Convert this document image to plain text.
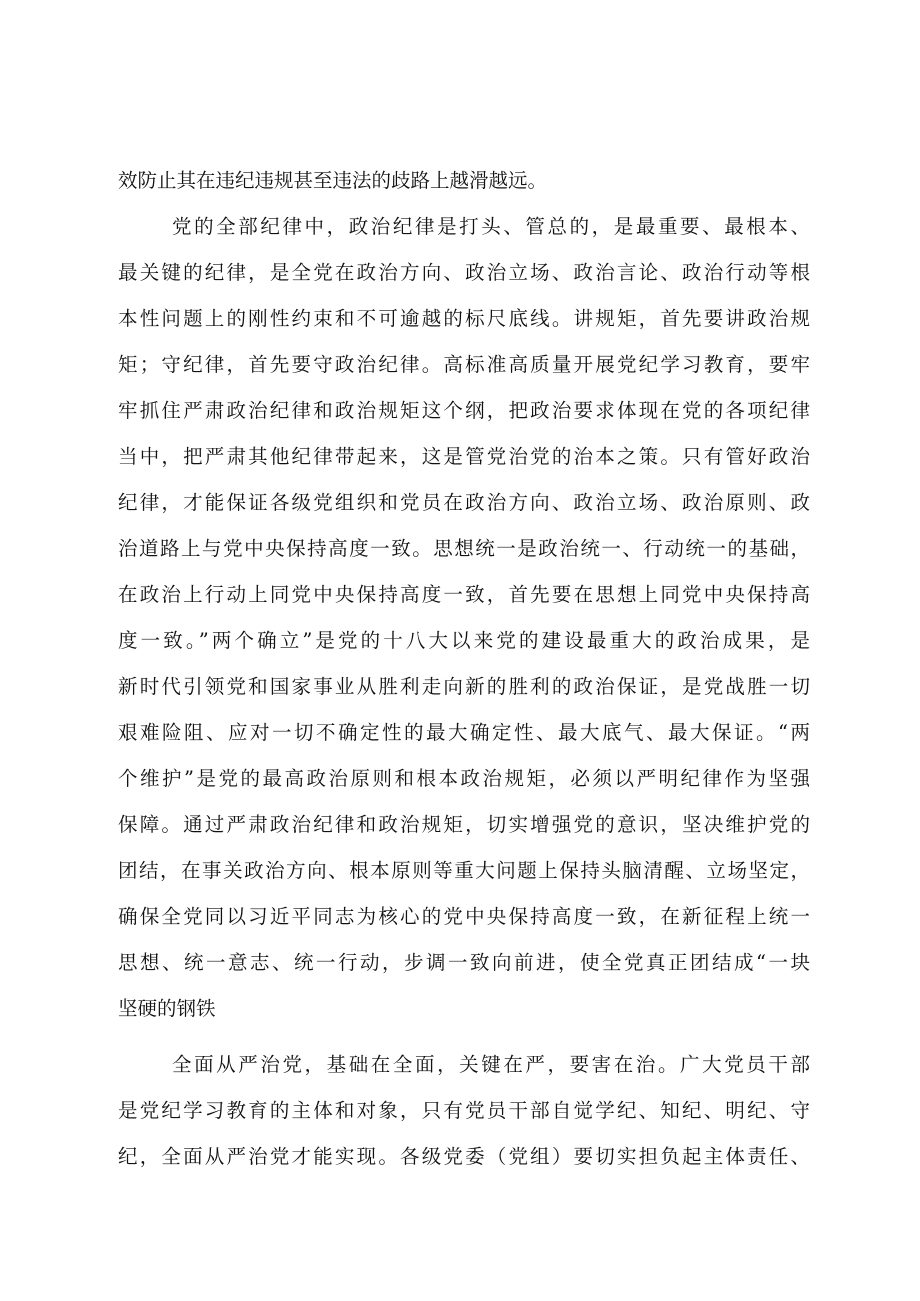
效防止其在违纪违规甚至违法的歧路上越滑越远。
党的全部纪律中，政治纪律是打头、管总的，是最重要、最根本、
最关键的纪律，是全党在政治方向、政治立场、政治言论、政治行动等根
本性问题上的刚性约束和不可逾越的标尺底线。讲规矩，首先要讲政治规
矩；守纪律，首先要守政治纪律。高标准高质量开展党纪学习教育，要牢
牢抓住严肃政治纪律和政治规矩这个纲，把政治要求体现在党的各项纪律
当中，把严肃其他纪律带起来，这是管党治党的治本之策。只有管好政治
纪律，才能保证各级党组织和党员在政治方向、政治立场、政治原则、政
治道路上与党中央保持高度一致。思想统一是政治统一、行动统一的基础，
在政治上行动上同党中央保持高度一致，首先要在思想上同党中央保持高
度一致。”两个确立”是党的十八大以来党的建设最重大的政治成果，是
新时代引领党和国家事业从胜利走向新的胜利的政治保证，是党战胜一切
艰难险阻、应对一切不确定性的最大确定性、最大底气、最大保证。“两
个维护”是党的最高政治原则和根本政治规矩，必须以严明纪律作为坚强
保障。通过严肃政治纪律和政治规矩，切实增强党的意识，坚决维护党的
团结，在事关政治方向、根本原则等重大问题上保持头脑清醒、立场坚定，
确保全党同以习近平同志为核心的党中央保持高度一致，在新征程上统一
思想、统一意志、统一行动，步调一致向前进，使全党真正团结成“一块
坚硬的钢铁
全面从严治党，基础在全面，关键在严，要害在治。广大党员干部
是党纪学习教育的主体和对象，只有党员干部自觉学纪、知纪、明纪、守
纪，全面从严治党才能实现。各级党委（党组）要切实担负起主体责任、
